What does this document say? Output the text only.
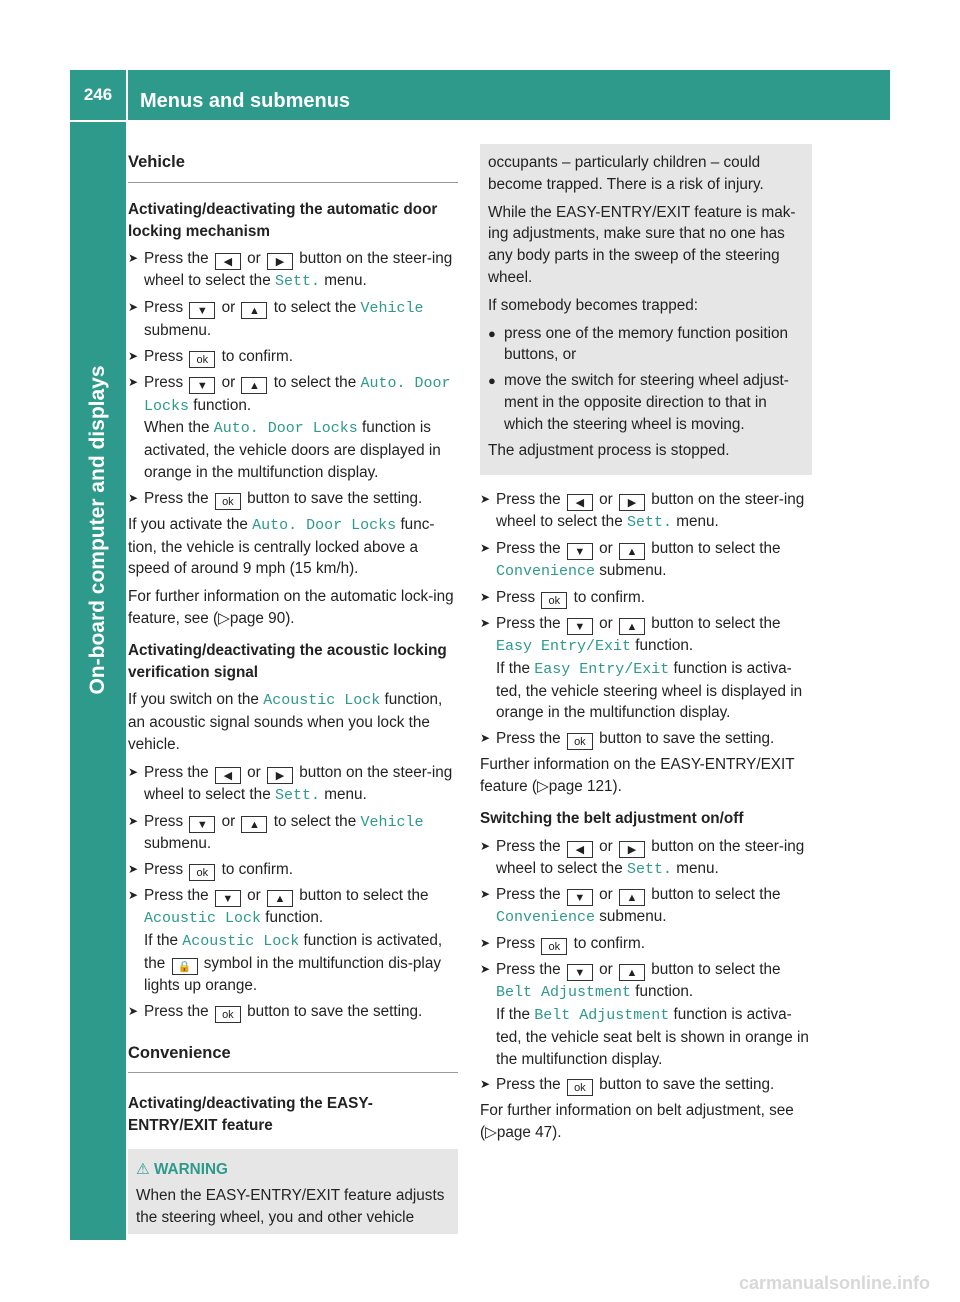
246	Menus and submenus
On-board computer and displays
Vehicle
Activating/deactivating the automatic door locking mechanism
➤ Press the ◀ or ▶ button on the steer-ing wheel to select the Sett. menu.
➤ Press ▼ or ▲ to select the Vehicle submenu.
➤ Press ok to confirm.
➤ Press ▼ or ▲ to select the Auto. Door Locks function.
When the Auto. Door Locks function is activated, the vehicle doors are displayed in orange in the multifunction display.
➤ Press the ok button to save the setting.

If you activate the Auto. Door Locks func-tion, the vehicle is centrally locked above a speed of around 9 mph (15 km/h).

For further information on the automatic lock-ing feature, see (▷page 90).

Activating/deactivating the acoustic locking verification signal

If you switch on the Acoustic Lock function, an acoustic signal sounds when you lock the vehicle.

➤ Press the ◀ or ▶ button on the steer-ing wheel to select the Sett. menu.
➤ Press ▼ or ▲ to select the Vehicle submenu.
➤ Press ok to confirm.
➤ Press the ▼ or ▲ button to select the Acoustic Lock function.
If the Acoustic Lock function is activated, the 🔒 symbol in the multifunction dis-play lights up orange.
➤ Press the ok button to save the setting.
Convenience
Activating/deactivating the EASY-ENTRY/EXIT feature
⚠ WARNING
When the EASY-ENTRY/EXIT feature adjusts the steering wheel, you and other vehicle

occupants – particularly children – could become trapped. There is a risk of injury.

While the EASY-ENTRY/EXIT feature is mak-ing adjustments, make sure that no one has any body parts in the sweep of the steering wheel.

If somebody becomes trapped:

● press one of the memory function position buttons, or
● move the switch for steering wheel adjust-ment in the opposite direction to that in which the steering wheel is moving.

The adjustment process is stopped.

➤ Press the ◀ or ▶ button on the steer-ing wheel to select the Sett. menu.
➤ Press the ▼ or ▲ button to select the Convenience submenu.
➤ Press ok to confirm.
➤ Press the ▼ or ▲ button to select the Easy Entry/Exit function.
If the Easy Entry/Exit function is activa-ted, the vehicle steering wheel is displayed in orange in the multifunction display.
➤ Press the ok button to save the setting.

Further information on the EASY-ENTRY/EXIT feature (▷page 121).

Switching the belt adjustment on/off
➤ Press the ◀ or ▶ button on the steer-ing wheel to select the Sett. menu.
➤ Press the ▼ or ▲ button to select the Convenience submenu.
➤ Press ok to confirm.
➤ Press the ▼ or ▲ button to select the Belt Adjustment function.
If the Belt Adjustment function is activa-ted, the vehicle seat belt is shown in orange in the multifunction display.
➤ Press the ok button to save the setting.

For further information on belt adjustment, see (▷page 47).

carmanualsonline.info
